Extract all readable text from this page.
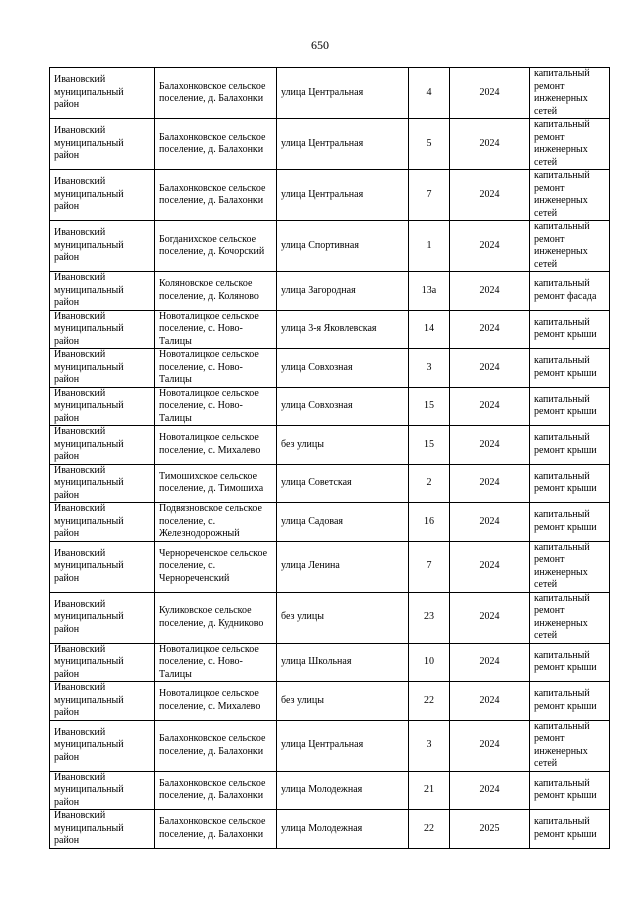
650
Ивановский муниципальный район	Балахонковское сельское поселение, д. Балахонки	улица Центральная	4	2024	капитальный ремонт инженерных сетей
Ивановский муниципальный район	Балахонковское сельское поселение, д. Балахонки	улица Центральная	5	2024	капитальный ремонт инженерных сетей
Ивановский муниципальный район	Балахонковское сельское поселение, д. Балахонки	улица Центральная	7	2024	капитальный ремонт инженерных сетей
Ивановский муниципальный район	Богданихское сельское поселение, д. Кочорский	улица Спортивная	1	2024	капитальный ремонт инженерных сетей
Ивановский муниципальный район	Коляновское сельское поселение, д. Коляново	улица Загородная	13а	2024	капитальный ремонт фасада
Ивановский муниципальный район	Новоталицкое сельское поселение, с. Ново-Талицы	улица 3-я Яковлевская	14	2024	капитальный ремонт крыши
Ивановский муниципальный район	Новоталицкое сельское поселение, с. Ново-Талицы	улица Совхозная	3	2024	капитальный ремонт крыши
Ивановский муниципальный район	Новоталицкое сельское поселение, с. Ново-Талицы	улица Совхозная	15	2024	капитальный ремонт крыши
Ивановский муниципальный район	Новоталицкое сельское поселение, с. Михалево	без улицы	15	2024	капитальный ремонт крыши
Ивановский муниципальный район	Тимошихское сельское поселение, д. Тимошиха	улица Советская	2	2024	капитальный ремонт крыши
Ивановский муниципальный район	Подвязновское сельское поселение, с. Железнодорожный	улица Садовая	16	2024	капитальный ремонт крыши
Ивановский муниципальный район	Чернореченское сельское поселение, с. Чернореченский	улица Ленина	7	2024	капитальный ремонт инженерных сетей
Ивановский муниципальный район	Куликовское сельское поселение, д. Кудниково	без улицы	23	2024	капитальный ремонт инженерных сетей
Ивановский муниципальный район	Новоталицкое сельское поселение, с. Ново-Талицы	улица Школьная	10	2024	капитальный ремонт крыши
Ивановский муниципальный район	Новоталицкое сельское поселение, с. Михалево	без улицы	22	2024	капитальный ремонт крыши
Ивановский муниципальный район	Балахонковское сельское поселение, д. Балахонки	улица Центральная	3	2024	капитальный ремонт инженерных сетей
Ивановский муниципальный район	Балахонковское сельское поселение, д. Балахонки	улица Молодежная	21	2024	капитальный ремонт крыши
Ивановский муниципальный район	Балахонковское сельское поселение, д. Балахонки	улица Молодежная	22	2025	капитальный ремонт крыши
